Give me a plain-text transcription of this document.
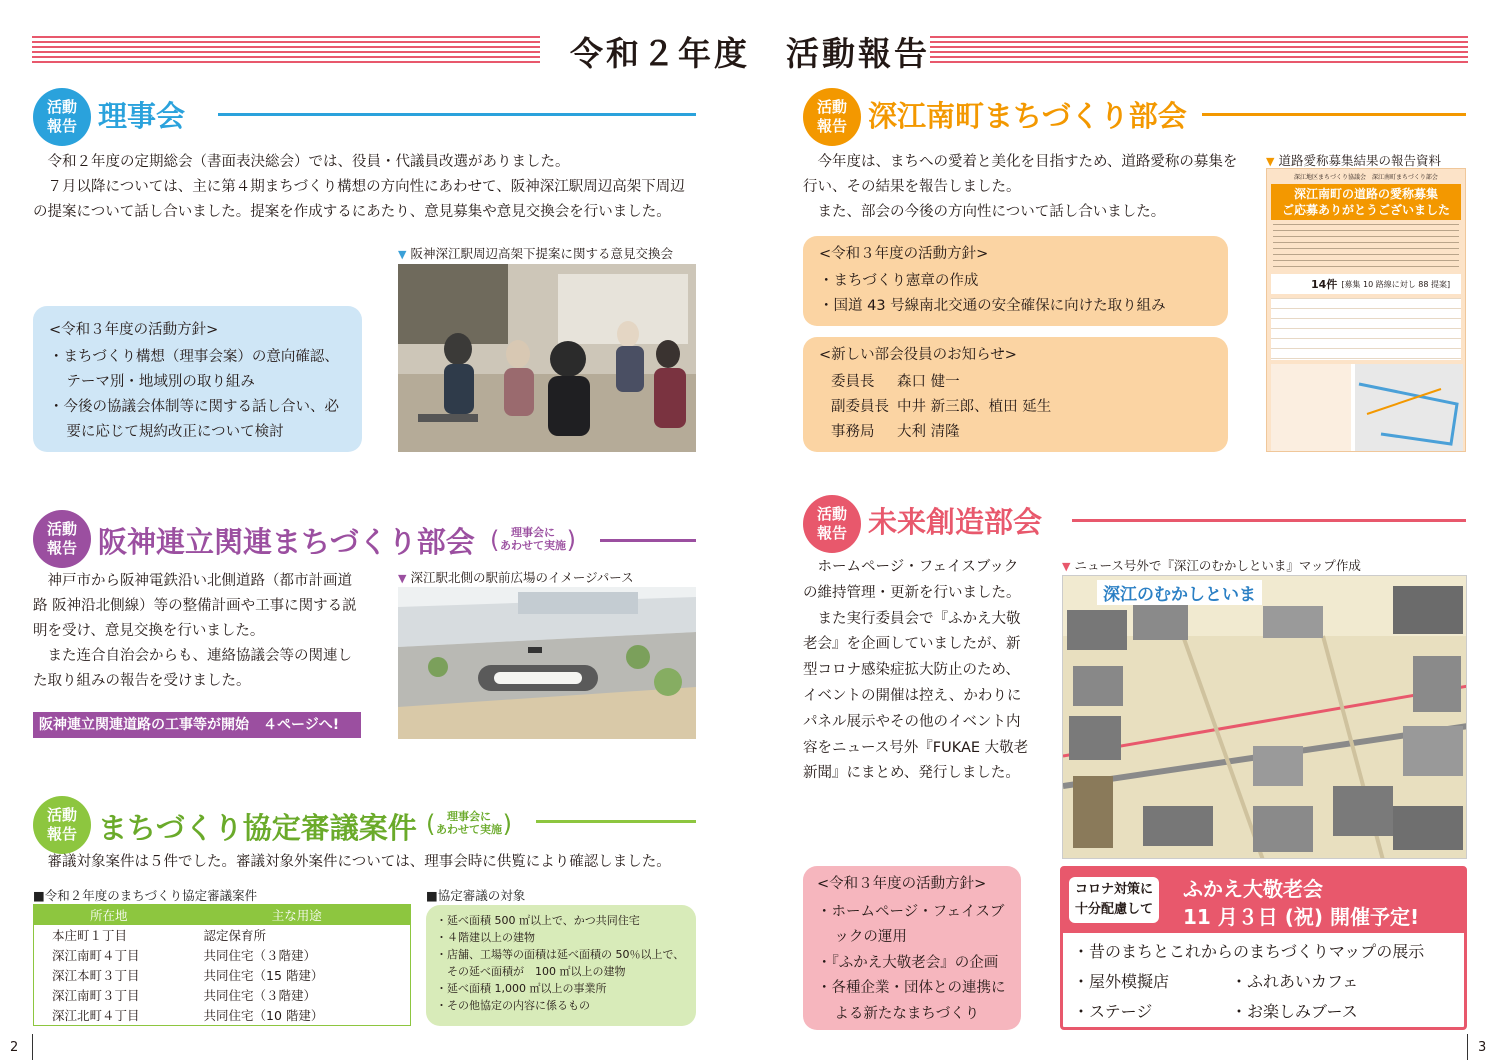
令和２年度　活動報告
活動
報告 理事会

令和２年度の定期総会（書面表決総会）では、役員・代議員改選がありました。

７月以降については、主に第４期まちづくり構想の方向性にあわせて、阪神深江駅周辺高架下周辺の提案について話し合いました。提案を作成するにあたり、意見募集や意見交換会を行いました。

▼ 阪神深江駅周辺高架下提案に関する意見交換会
<令和３年度の活動方針>
・まちづくり構想（理事会案）の意向確認、テーマ別・地域別の取り組み
・今後の協議会体制等に関する話し合い、必要に応じて規約改正について検討
活動
報告 阪神連立関連まちづくり部会	( 理事会に
あわせて実施 )

神戸市から阪神電鉄沿い北側道路（都市計画道路 阪神沿北側線）等の整備計画や工事に関する説明を受け、意見交換を行いました。

また连合自治会からも、連絡協議会等の関連した取り組みの報告を受けました。

阪神連立関連道路の工事等が開始　４ページへ!
▼ 深江駅北側の駅前広場のイメージパース
活動
報告 まちづくり協定審議案件	( 理事会に
あわせて実施 )

審議対象案件は５件でした。審議対象外案件については、理事会時に供覧により確認しました。

■令和２年度のまちづくり協定審議案件
所在地	主な用途
本庄町１丁目	認定保育所
深江南町４丁目	共同住宅（３階建）
深江本町３丁目	共同住宅（15 階建）
深江南町３丁目	共同住宅（３階建）
深江北町４丁目	共同住宅（10 階建）
■協定審議の対象
・延べ面積 500 ㎡以上で、かつ共同住宅
・４階建以上の建物
・店舗、工場等の面積は延べ面積の 50％以上で、
　その延べ面積が　100 ㎡以上の建物
・延べ面積 1,000 ㎡以上の事業所
・その他協定の内容に係るもの
2
活動
報告 深江南町まちづくり部会

今年度は、まちへの愛着と美化を目指すため、道路愛称の募集を行い、その結果を報告しました。

また、部会の今後の方向性について話し合いました。

<令和３年度の活動方針>
・まちづくり憲章の作成
・国道 43 号線南北交通の安全確保に向けた取り組み
<新しい部会役員のお知らせ>
委員長	森口 健一
副委員長 中井 新三郎、植田 延生
事務局	大利 清隆
▼ 道路愛称募集結果の報告資料
深江地区まちづくり協議会　深江南町まちづくり部会
深江南町の道路の愛称募集
ご応募ありがとうございました
14件 [募集 10 路線に対し 88 提案]
活動
報告 未来創造部会

ホームページ・フェイスブックの維持管理・更新を行いました。

また実行委員会で『ふかえ大敬老会』を企画していましたが、新型コロナ感染症拡大防止のため、イベントの開催は控え、かわりにパネル展示やその他のイベント内容をニュース号外『FUKAE 大敬老新聞』にまとめ、発行しました。

▼ ニュース号外で『深江のむかしといま』マップ作成
深江のむかしといま
<令和３年度の活動方針>
・ホームページ・フェイスブックの運用
・『ふかえ大敬老会』の企画
・各種企業・団体との連携による新たなまちづくり
コロナ対策に
十分配慮して
ふかえ大敬老会
11 月３日 (祝) 開催予定!
・昔のまちとこれからのまちづくりマップの展示
・屋外模擬店	・ふれあいカフェ
・ステージ	・お楽しみブース
3
